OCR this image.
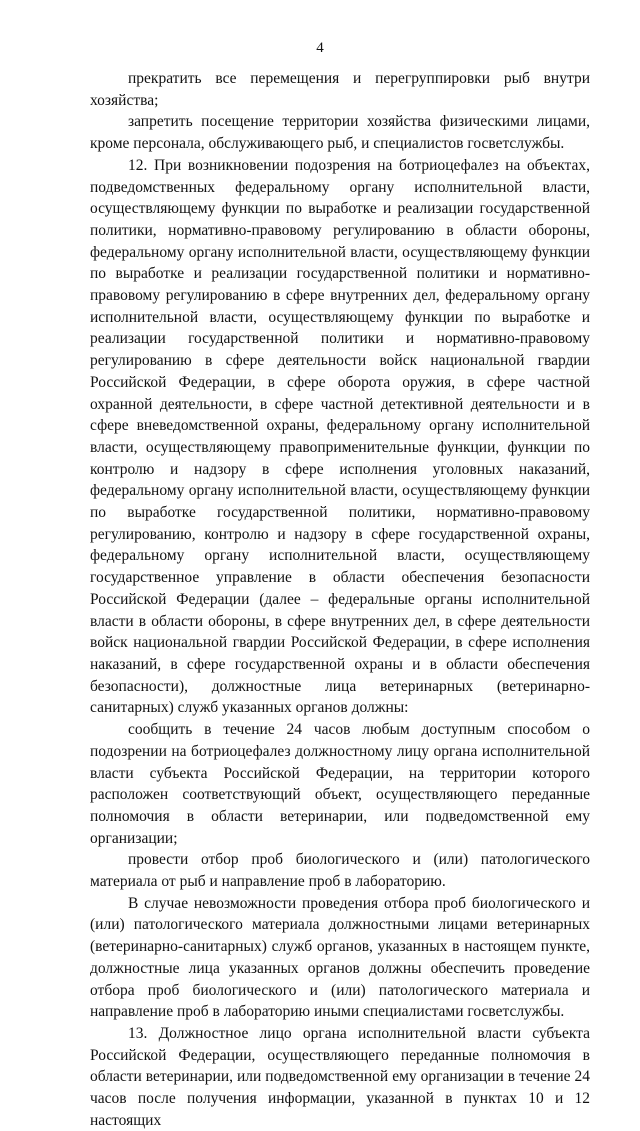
4

прекратить все перемещения и перегруппировки рыб внутри хозяйства;

запретить посещение территории хозяйства физическими лицами, кроме персонала, обслуживающего рыб, и специалистов госветслужбы.

12. При возникновении подозрения на ботриоцефалез на объектах, подведомственных федеральному органу исполнительной власти, осуществляющему функции по выработке и реализации государственной политики, нормативно-правовому регулированию в области обороны, федеральному органу исполнительной власти, осуществляющему функции по выработке и реализации государственной политики и нормативно-правовому регулированию в сфере внутренних дел, федеральному органу исполнительной власти, осуществляющему функции по выработке и реализации государственной политики и нормативно-правовому регулированию в сфере деятельности войск национальной гвардии Российской Федерации, в сфере оборота оружия, в сфере частной охранной деятельности, в сфере частной детективной деятельности и в сфере вневедомственной охраны, федеральному органу исполнительной власти, осуществляющему правоприменительные функции, функции по контролю и надзору в сфере исполнения уголовных наказаний, федеральному органу исполнительной власти, осуществляющему функции по выработке государственной политики, нормативно-правовому регулированию, контролю и надзору в сфере государственной охраны, федеральному органу исполнительной власти, осуществляющему государственное управление в области обеспечения безопасности Российской Федерации (далее – федеральные органы исполнительной власти в области обороны, в сфере внутренних дел, в сфере деятельности войск национальной гвардии Российской Федерации, в сфере исполнения наказаний, в сфере государственной охраны и в области обеспечения безопасности), должностные лица ветеринарных (ветеринарно-санитарных) служб указанных органов должны:

сообщить в течение 24 часов любым доступным способом о подозрении на ботриоцефалез должностному лицу органа исполнительной власти субъекта Российской Федерации, на территории которого расположен соответствующий объект, осуществляющего переданные полномочия в области ветеринарии, или подведомственной ему организации;

провести отбор проб биологического и (или) патологического материала от рыб и направление проб в лабораторию.

В случае невозможности проведения отбора проб биологического и (или) патологического материала должностными лицами ветеринарных (ветеринарно-санитарных) служб органов, указанных в настоящем пункте, должностные лица указанных органов должны обеспечить проведение отбора проб биологического и (или) патологического материала и направление проб в лабораторию иными специалистами госветслужбы.

13. Должностное лицо органа исполнительной власти субъекта Российской Федерации, осуществляющего переданные полномочия в области ветеринарии, или подведомственной ему организации в течение 24 часов после получения информации, указанной в пунктах 10 и 12 настоящих
